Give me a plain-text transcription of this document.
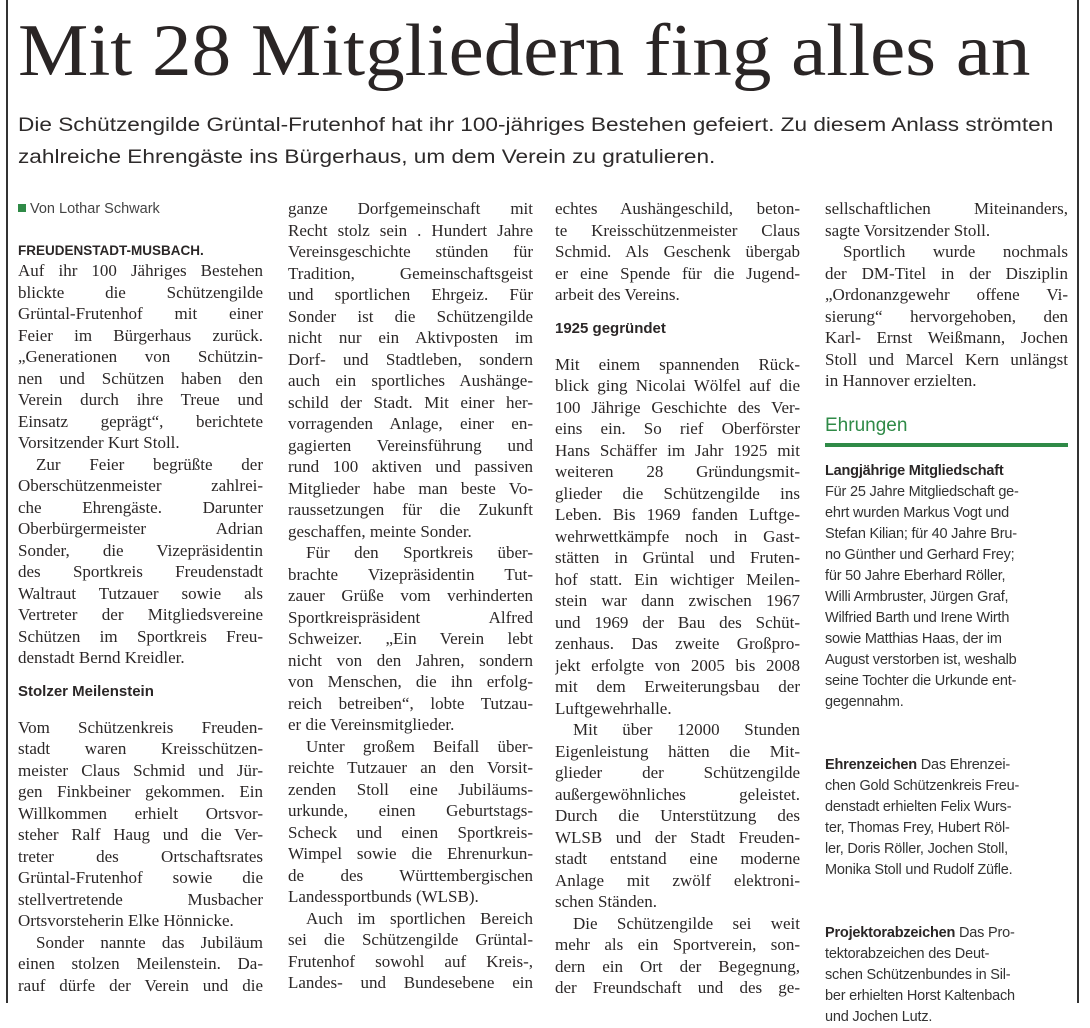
Mit 28 Mitgliedern fing alles an
Die Schützengilde Grüntal-Frutenhof hat ihr 100-jähriges Bestehen gefeiert. Zu diesem Anlass strömten
zahlreiche Ehrengäste ins Bürgerhaus, um dem Verein zu gratulieren.
Von Lothar Schwark
FREUDENSTADT-MUSBACH.
Auf ihr 100 Jähriges Bestehen
blickte die Schützengilde
Grüntal-Frutenhof mit einer
Feier im Bürgerhaus zurück.
„Generationen von Schützin-
nen und Schützen haben den
Verein durch ihre Treue und
Einsatz geprägt“, berichtete
Vorsitzender Kurt Stoll.
Zur Feier begrüßte der
Oberschützenmeister zahlrei-
che Ehrengäste. Darunter
Oberbürgermeister Adrian
Sonder, die Vizepräsidentin
des Sportkreis Freudenstadt
Waltraut Tutzauer sowie als
Vertreter der Mitgliedsvereine
Schützen im Sportkreis Freu-
denstadt Bernd Kreidler.
Stolzer Meilenstein
Vom Schützenkreis Freuden-
stadt waren Kreisschützen-
meister Claus Schmid und Jür-
gen Finkbeiner gekommen. Ein
Willkommen erhielt Ortsvor-
steher Ralf Haug und die Ver-
treter des Ortschaftsrates
Grüntal-Frutenhof sowie die
stellvertretende Musbacher
Ortsvorsteherin Elke Hönnicke.
Sonder nannte das Jubiläum
einen stolzen Meilenstein. Da-
rauf dürfe der Verein und die
ganze Dorfgemeinschaft mit
Recht stolz sein . Hundert Jahre
Vereinsgeschichte stünden für
Tradition, Gemeinschaftsgeist
und sportlichen Ehrgeiz. Für
Sonder ist die Schützengilde
nicht nur ein Aktivposten im
Dorf- und Stadtleben, sondern
auch ein sportliches Aushänge-
schild der Stadt. Mit einer her-
vorragenden Anlage, einer en-
gagierten Vereinsführung und
rund 100 aktiven und passiven
Mitglieder habe man beste Vo-
raussetzungen für die Zukunft
geschaffen, meinte Sonder.
Für den Sportkreis über-
brachte Vizepräsidentin Tut-
zauer Grüße vom verhinderten
Sportkreispräsident Alfred
Schweizer. „Ein Verein lebt
nicht von den Jahren, sondern
von Menschen, die ihn erfolg-
reich betreiben“, lobte Tutzau-
er die Vereinsmitglieder.
Unter großem Beifall über-
reichte Tutzauer an den Vorsit-
zenden Stoll eine Jubiläums-
urkunde, einen Geburtstags-
Scheck und einen Sportkreis-
Wimpel sowie die Ehrenurkun-
de des Württembergischen
Landessportbunds (WLSB).
Auch im sportlichen Bereich
sei die Schützengilde Grüntal-
Frutenhof sowohl auf Kreis-,
Landes- und Bundesebene ein
echtes Aushängeschild, beton-
te Kreisschützenmeister Claus
Schmid. Als Geschenk übergab
er eine Spende für die Jugend-
arbeit des Vereins.
1925 gegründet
Mit einem spannenden Rück-
blick ging Nicolai Wölfel auf die
100 Jährige Geschichte des Ver-
eins ein. So rief Oberförster
Hans Schäffer im Jahr 1925 mit
weiteren 28 Gründungsmit-
glieder die Schützengilde ins
Leben. Bis 1969 fanden Luftge-
wehrwettkämpfe noch in Gast-
stätten in Grüntal und Fruten-
hof statt. Ein wichtiger Meilen-
stein war dann zwischen 1967
und 1969 der Bau des Schüt-
zenhaus. Das zweite Großpro-
jekt erfolgte von 2005 bis 2008
mit dem Erweiterungsbau der
Luftgewehrhalle.
Mit über 12000 Stunden
Eigenleistung hätten die Mit-
glieder der Schützengilde
außergewöhnliches geleistet.
Durch die Unterstützung des
WLSB und der Stadt Freuden-
stadt entstand eine moderne
Anlage mit zwölf elektroni-
schen Ständen.
Die Schützengilde sei weit
mehr als ein Sportverein, son-
dern ein Ort der Begegnung,
der Freundschaft und des ge-
sellschaftlichen Miteinanders,
sagte Vorsitzender Stoll.
Sportlich wurde nochmals
der DM-Titel in der Disziplin
„Ordonanzgewehr offene Vi-
sierung“ hervorgehoben, den
Karl- Ernst Weißmann, Jochen
Stoll und Marcel Kern unlängst
in Hannover erzielten.
Ehrungen
Langjährige Mitgliedschaft
Für 25 Jahre Mitgliedschaft ge-
ehrt wurden Markus Vogt und
Stefan Kilian; für 40 Jahre Bru-
no Günther und Gerhard Frey;
für 50 Jahre Eberhard Röller,
Willi Armbruster, Jürgen Graf,
Wilfried Barth und Irene Wirth
sowie Matthias Haas, der im
August verstorben ist, weshalb
seine Tochter die Urkunde ent-
gegennahm.
Ehrenzeichen Das Ehrenzei-
chen Gold Schützenkreis Freu-
denstadt erhielten Felix Wurs-
ter, Thomas Frey, Hubert Röl-
ler, Doris Röller, Jochen Stoll,
Monika Stoll und Rudolf Züfle.
Projektorabzeichen Das Pro-
tektorabzeichen des Deut-
schen Schützenbundes in Sil-
ber erhielten Horst Kaltenbach
und Jochen Lutz.
